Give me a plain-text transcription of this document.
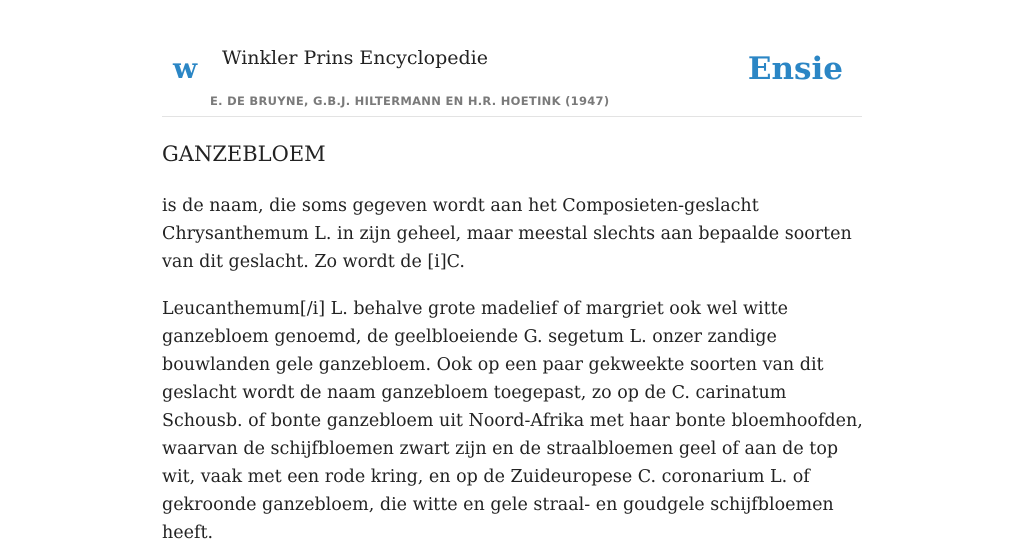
w Winkler Prins Encyclopedie
E. DE BRUYNE, G.B.J. HILTERMANN EN H.R. HOETINK (1947)
Ensie
GANZEBLOEM

is de naam, die soms gegeven wordt aan het Composieten-geslacht Chrysanthemum L. in zijn geheel, maar meestal slechts aan bepaalde soorten van dit geslacht. Zo wordt de [i]C.

Leucanthemum[/i] L. behalve grote madelief of margriet ook wel witte ganzebloem genoemd, de geelbloeiende G. segetum L. onzer zandige bouwlanden gele ganzebloem. Ook op een paar gekweekte soorten van dit geslacht wordt de naam ganzebloem toegepast, zo op de C. carinatum Schousb. of bonte ganzebloem uit Noord-Afrika met haar bonte bloemhoofden, waarvan de schijfbloemen zwart zijn en de straalbloemen geel of aan de top wit, vaak met een rode kring, en op de Zuideuropese C. coronarium L. of gekroonde ganzebloem, die witte en gele straal- en goudgele schijfbloemen heeft.
